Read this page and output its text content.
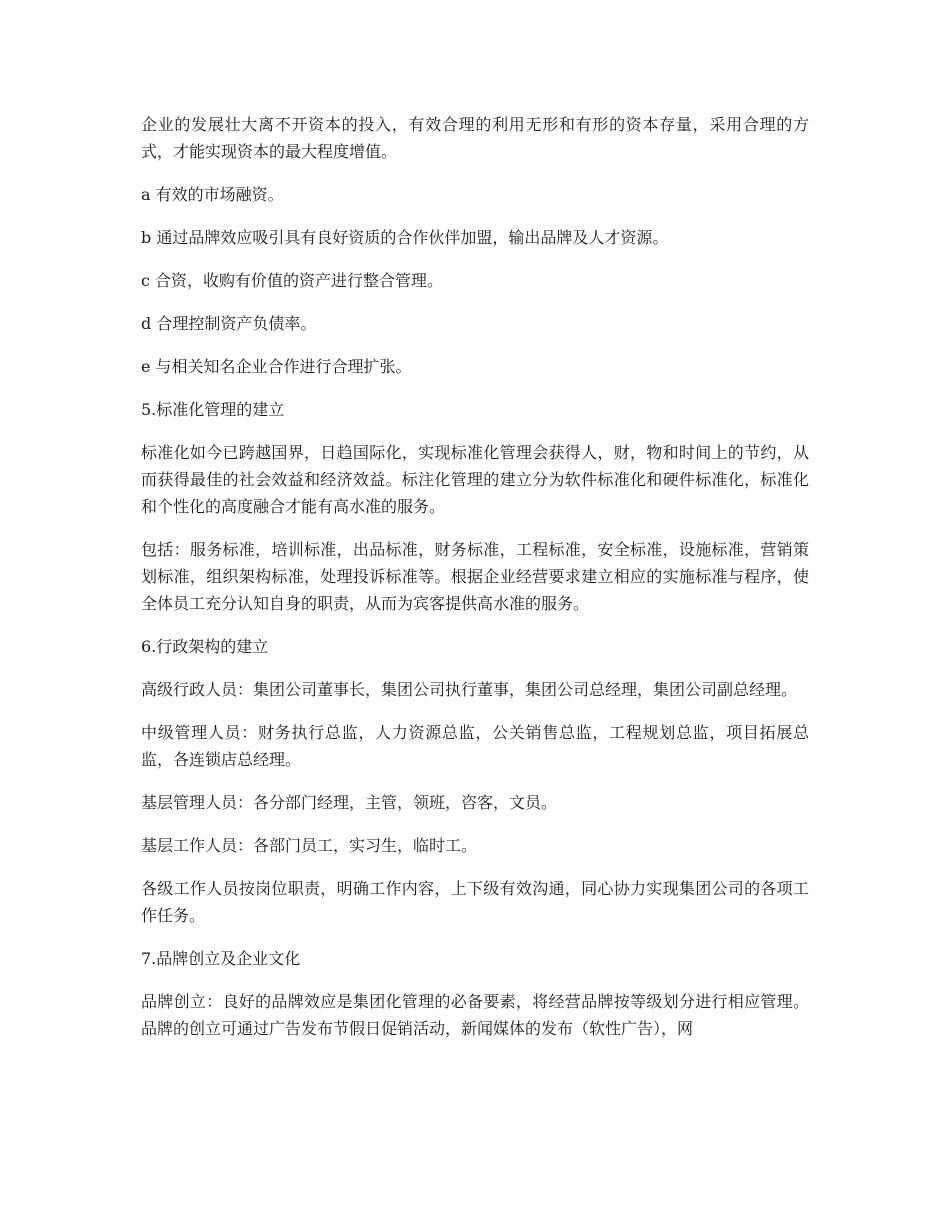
企业的发展壮大离不开资本的投入，有效合理的利用无形和有形的资本存量，采用合理的方式，才能实现资本的最大程度增值。

a 有效的市场融资。

b 通过品牌效应吸引具有良好资质的合作伙伴加盟，输出品牌及人才资源。

c 合资，收购有价值的资产进行整合管理。

d 合理控制资产负债率。

e 与相关知名企业合作进行合理扩张。

5.标准化管理的建立

标准化如今已跨越国界，日趋国际化，实现标准化管理会获得人，财，物和时间上的节约，从而获得最佳的社会效益和经济效益。标注化管理的建立分为软件标准化和硬件标准化，标准化和个性化的高度融合才能有高水准的服务。

包括：服务标准，培训标准，出品标准，财务标准，工程标准，安全标准，设施标准，营销策划标准，组织架构标准，处理投诉标准等。根据企业经营要求建立相应的实施标准与程序，使全体员工充分认知自身的职责，从而为宾客提供高水准的服务。

6.行政架构的建立

高级行政人员：集团公司董事长，集团公司执行董事，集团公司总经理，集团公司副总经理。

中级管理人员：财务执行总监，人力资源总监，公关销售总监，工程规划总监，项目拓展总监，各连锁店总经理。

基层管理人员：各分部门经理，主管，领班，咨客，文员。

基层工作人员：各部门员工，实习生，临时工。

各级工作人员按岗位职责，明确工作内容，上下级有效沟通，同心协力实现集团公司的各项工作任务。

7.品牌创立及企业文化

品牌创立：良好的品牌效应是集团化管理的必备要素，将经营品牌按等级划分进行相应管理。品牌的创立可通过广告发布节假日促销活动，新闻媒体的发布（软性广告），网
